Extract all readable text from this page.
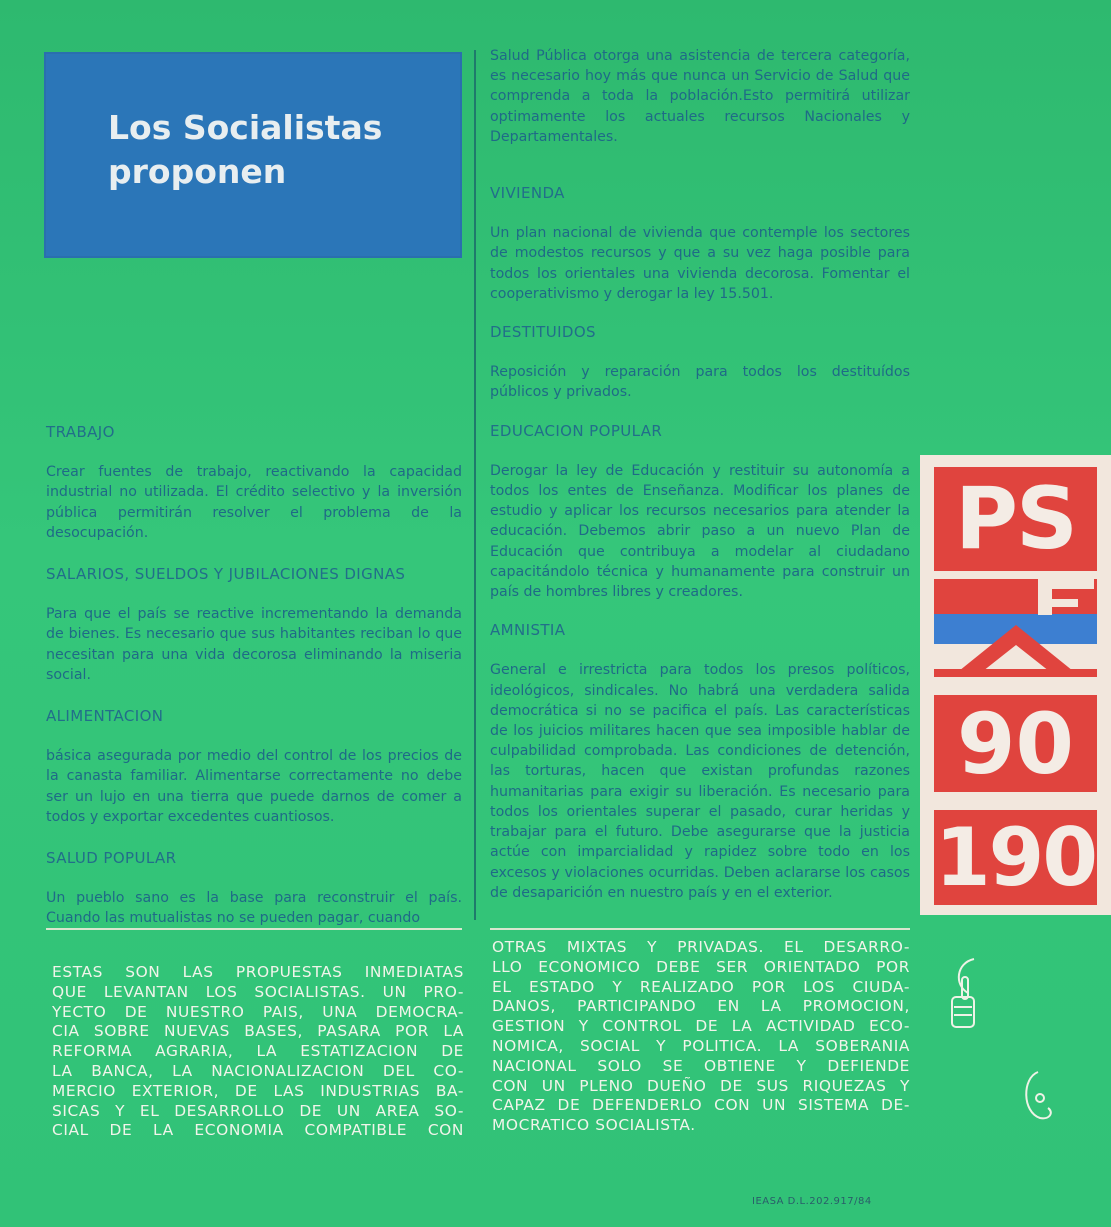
Los Socialistas
proponen
TRABAJO

Crear fuentes de trabajo, reactivando la capacidad industrial no utilizada. El crédito selectivo y la inversión pública permitirán resolver el problema de la desocupación.

SALARIOS, SUELDOS Y JUBILACIONES DIGNAS

Para que el país se reactive incrementando la demanda de bienes. Es necesario que sus habitantes reciban lo que necesitan para una vida decorosa eliminando la miseria social.

ALIMENTACION

básica asegurada por medio del control de los precios de la canasta familiar. Alimentarse correctamente no debe ser un lujo en una tierra que puede darnos de comer a todos y exportar excedentes cuantiosos.

SALUD POPULAR

Un pueblo sano es la base para reconstruir el país. Cuando las mutualistas no se pueden pagar, cuando

Salud Pública otorga una asistencia de tercera categoría, es necesario hoy más que nunca un Servicio de Salud que comprenda a toda la población.Esto permitirá utilizar optimamente los actuales recursos Nacionales y Departamentales.

VIVIENDA

Un plan nacional de vivienda que contemple los sectores de modestos recursos y que a su vez haga posible para todos los orientales una vivienda decorosa. Fomentar el cooperativismo y derogar la ley 15.501.

DESTITUIDOS

Reposición y reparación para todos los destituídos públicos y privados.

EDUCACION POPULAR

Derogar la ley de Educación y restituir su autonomía a todos los entes de Enseñanza. Modificar los planes de estudio y aplicar los recursos necesarios para atender la educación. Debemos abrir paso a un nuevo Plan de Educación que contribuya a modelar al ciudadano capacitándolo técnica y humanamente para construir un país de hombres libres y creadores.

AMNISTIA

General e irrestricta para todos los presos políticos, ideológicos, sindicales. No habrá una verdadera salida democrática si no se pacifica el país. Las características de los juicios militares hacen que sea imposible hablar de culpabilidad comprobada. Las condiciones de detención, las torturas, hacen que existan profundas razones humanitarias para exigir su liberación. Es necesario para todos los orientales superar el pasado, curar heridas y trabajar para el futuro. Debe asegurarse que la justicia actúe con imparcialidad y rapidez sobre todo en los excesos y violaciones ocurridas. Deben aclararse los casos de desaparición en nuestro país y en el exterior.

ESTAS SON LAS PROPUESTAS INMEDIATAS

QUE LEVANTAN LOS SOCIALISTAS. UN PRO-

YECTO DE NUESTRO PAIS, UNA DEMOCRA-

CIA SOBRE NUEVAS BASES, PASARA POR LA

REFORMA AGRARIA, LA ESTATIZACION DE

LA BANCA, LA NACIONALIZACION DEL CO-

MERCIO EXTERIOR, DE LAS INDUSTRIAS BA-

SICAS Y EL DESARROLLO DE UN AREA SO-

CIAL DE LA ECONOMIA COMPATIBLE CON

OTRAS MIXTAS Y PRIVADAS. EL DESARRO-

LLO ECONOMICO DEBE SER ORIENTADO POR

EL ESTADO Y REALIZADO POR LOS CIUDA-

DANOS, PARTICIPANDO EN LA PROMOCION,

GESTION Y CONTROL DE LA ACTIVIDAD ECO-

NOMICA, SOCIAL Y POLITICA. LA SOBERANIA

NACIONAL SOLO SE OBTIENE Y DEFIENDE

CON UN PLENO DUEÑO DE SUS RIQUEZAS Y

CAPAZ DE DEFENDERLO CON UN SISTEMA DE-

MOCRATICO SOCIALISTA.

PS
90
190
IEASA D.L.202.917/84
